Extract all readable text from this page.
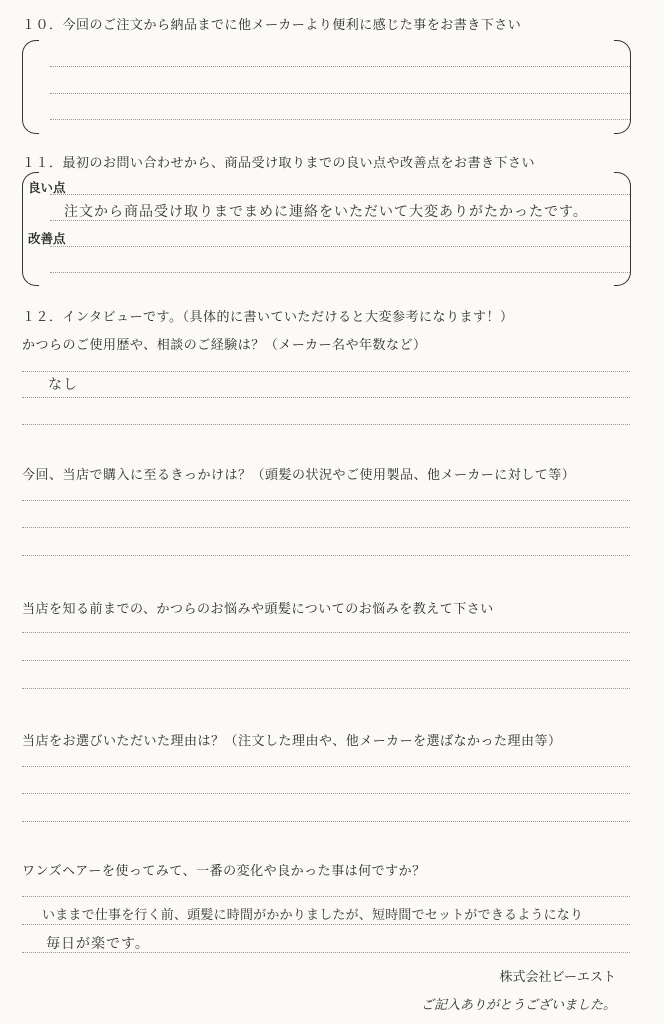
１０．今回のご注文から納品までに他メーカーより便利に感じた事をお書き下さい
１１．最初のお問い合わせから、商品受け取りまでの良い点や改善点をお書き下さい
良い点
注文から商品受け取りまでまめに連絡をいただいて大変ありがたかったです。
改善点
１２．インタビューです。（具体的に書いていただけると大変参考になります！）
かつらのご使用歴や、相談のご経験は？（メーカー名や年数など）
なし
今回、当店で購入に至るきっかけは？（頭髪の状況やご使用製品、他メーカーに対して等）
当店を知る前までの、かつらのお悩みや頭髪についてのお悩みを教えて下さい
当店をお選びいただいた理由は？（注文した理由や、他メーカーを選ばなかった理由等）
ワンズヘアーを使ってみて、一番の変化や良かった事は何ですか？
いままで仕事を行く前、頭髪に時間がかかりましたが、短時間でセットができるようになり
毎日が楽です。
株式会社ビーエスト
ご記入ありがとうございました。
